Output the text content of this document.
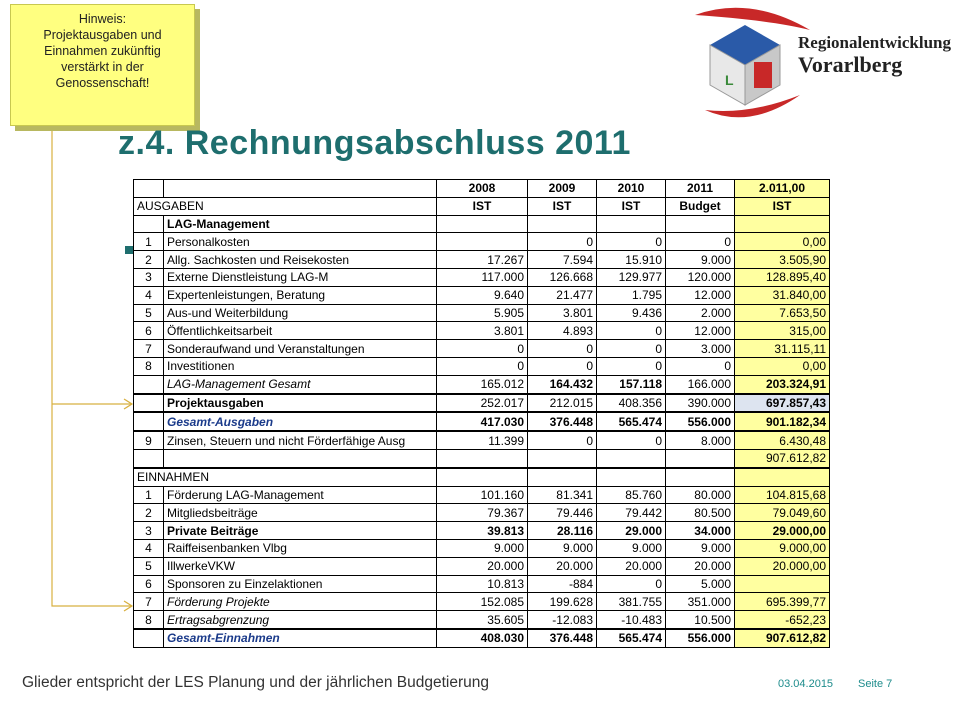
Hinweis:
Projektausgaben und
Einnahmen zukünftig
verstärkt in der
Genossenschaft!	L
Regionalentwicklung
Vorarlberg
z.4. Rechnungsabschluss 2011
		2008	2009	2010	2011	2.011,00
AUSGABEN		IST	IST	IST	Budget	IST
	LAG-Management					
1	Personalkosten		0	0	0	0,00
2	Allg. Sachkosten und Reisekosten	17.267	7.594	15.910	9.000	3.505,90
3	Externe Dienstleistung LAG-M	117.000	126.668	129.977	120.000	128.895,40
4	Expertenleistungen, Beratung	9.640	21.477	1.795	12.000	31.840,00
5	Aus-und Weiterbildung	5.905	3.801	9.436	2.000	7.653,50
6	Öffentlichkeitsarbeit	3.801	4.893	0	12.000	315,00
7	Sonderaufwand und Veranstaltungen	0	0	0	3.000	31.115,11
8	Investitionen	0	0	0	0	0,00
	LAG-Management Gesamt	165.012	164.432	157.118	166.000	203.324,91
	Projektausgaben	252.017	212.015	408.356	390.000	697.857,43
	Gesamt-Ausgaben	417.030	376.448	565.474	556.000	901.182,34
9	Zinsen, Steuern und nicht Förderfähige Ausg	11.399	0	0	8.000	6.430,48
						907.612,82
EINNAHMEN						
1	Förderung LAG-Management	101.160	81.341	85.760	80.000	104.815,68
2	Mitgliedsbeiträge	79.367	79.446	79.442	80.500	79.049,60
3	Private Beiträge	39.813	28.116	29.000	34.000	29.000,00
4	Raiffeisenbanken Vlbg	9.000	9.000	9.000	9.000	9.000,00
5	IllwerkeVKW	20.000	20.000	20.000	20.000	20.000,00
6	Sponsoren zu Einzelaktionen	10.813	-884	0	5.000	
7	Förderung Projekte	152.085	199.628	381.755	351.000	695.399,77
8	Ertragsabgrenzung	35.605	-12.083	-10.483	10.500	-652,23
	Gesamt-Einnahmen	408.030	376.448	565.474	556.000	907.612,82
Glieder entspricht der LES Planung und der jährlichen Budgetierung	03.04.2015 Seite 7
